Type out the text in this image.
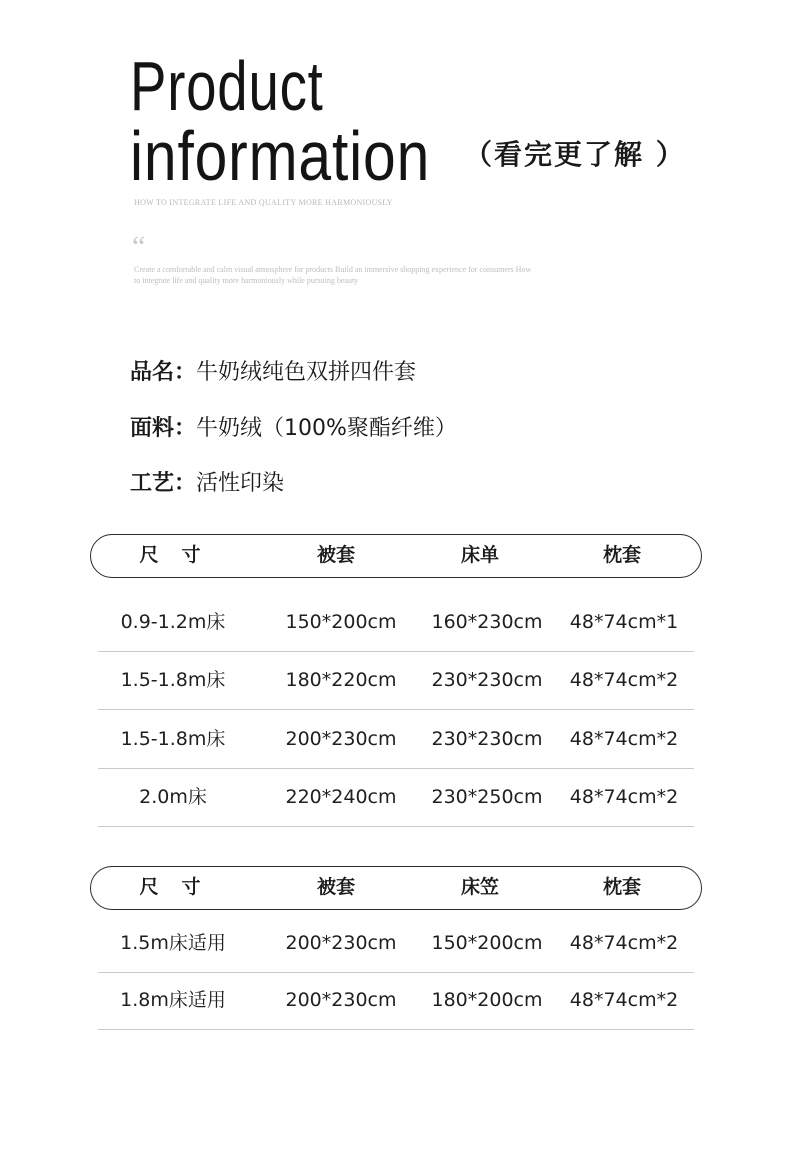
Product
information （看完更了解 ）
HOW TO INTEGRATE LIFE AND QUALITY MORE HARMONIOUSLY
“
Create a comfortable and calm visual atmosphere for products Build an immersive shopping experience for consumers How to integrate life and quality more harmoniously while pursuing beauty
品名：牛奶绒纯色双拼四件套
面料：牛奶绒（100%聚酯纤维）
工艺：活性印染
尺　寸	被套	床单	枕套
0.9-1.2m床	150*200cm	160*230cm	48*74cm*1
1.5-1.8m床	180*220cm	230*230cm	48*74cm*2
1.5-1.8m床	200*230cm	230*230cm	48*74cm*2
2.0m床	220*240cm	230*250cm	48*74cm*2
尺　寸	被套	床笠	枕套
1.5m床适用	200*230cm	150*200cm	48*74cm*2
1.8m床适用	200*230cm	180*200cm	48*74cm*2
